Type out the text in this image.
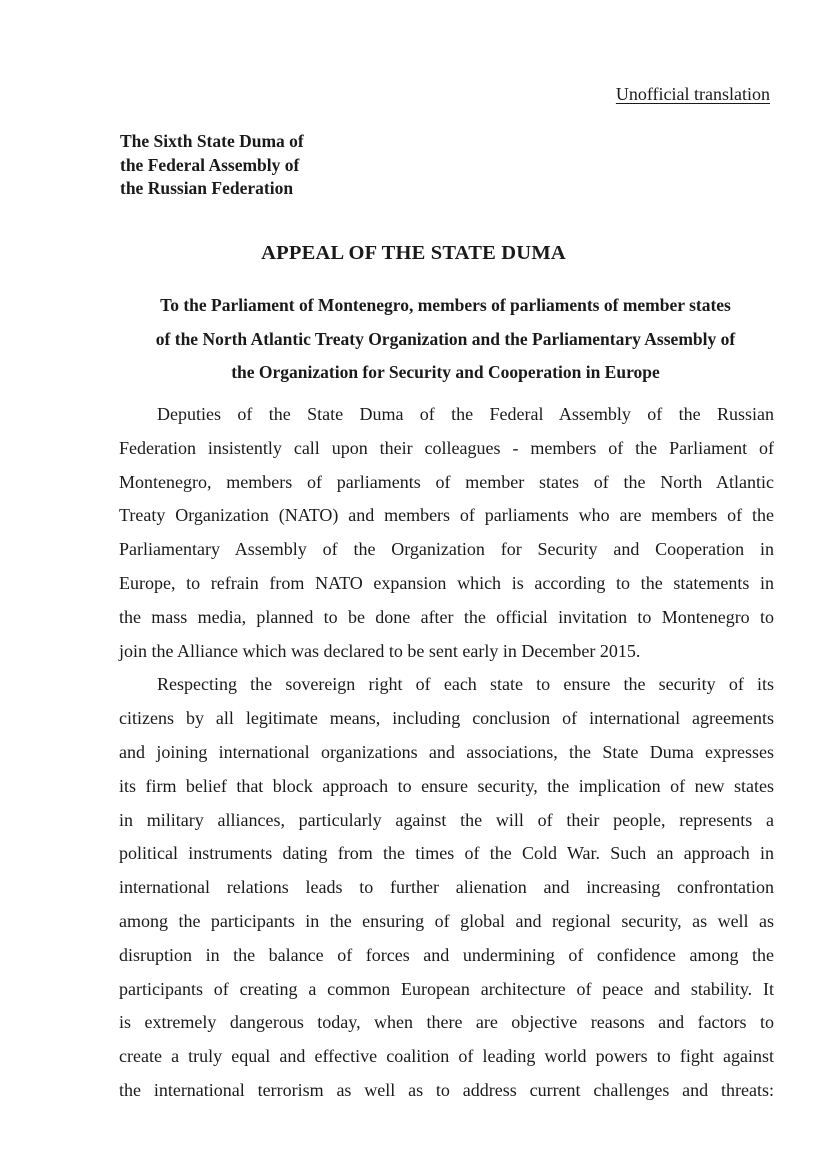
Unofficial translation
The Sixth State Duma of
the Federal Assembly of
the Russian Federation
APPEAL OF THE STATE DUMA
To the Parliament of Montenegro, members of parliaments of member states
of the North Atlantic Treaty Organization and the Parliamentary Assembly of
the Organization for Security and Cooperation in Europe
Deputies of the State Duma of the Federal Assembly of the Russian
Federation insistently call upon their colleagues - members of the Parliament of
Montenegro, members of parliaments of member states of the North Atlantic
Treaty Organization (NATO) and members of parliaments who are members of the
Parliamentary Assembly of the Organization for Security and Cooperation in
Europe, to refrain from NATO expansion which is according to the statements in
the mass media, planned to be done after the official invitation to Montenegro to
join the Alliance which was declared to be sent early in December 2015.
Respecting the sovereign right of each state to ensure the security of its
citizens by all legitimate means, including conclusion of international agreements
and joining international organizations and associations, the State Duma expresses
its firm belief that block approach to ensure security, the implication of new states
in military alliances, particularly against the will of their people, represents a
political instruments dating from the times of the Cold War. Such an approach in
international relations leads to further alienation and increasing confrontation
among the participants in the ensuring of global and regional security, as well as
disruption in the balance of forces and undermining of confidence among the
participants of creating a common European architecture of peace and stability. It
is extremely dangerous today, when there are objective reasons and factors to
create a truly equal and effective coalition of leading world powers to fight against
the international terrorism as well as to address current challenges and threats:
